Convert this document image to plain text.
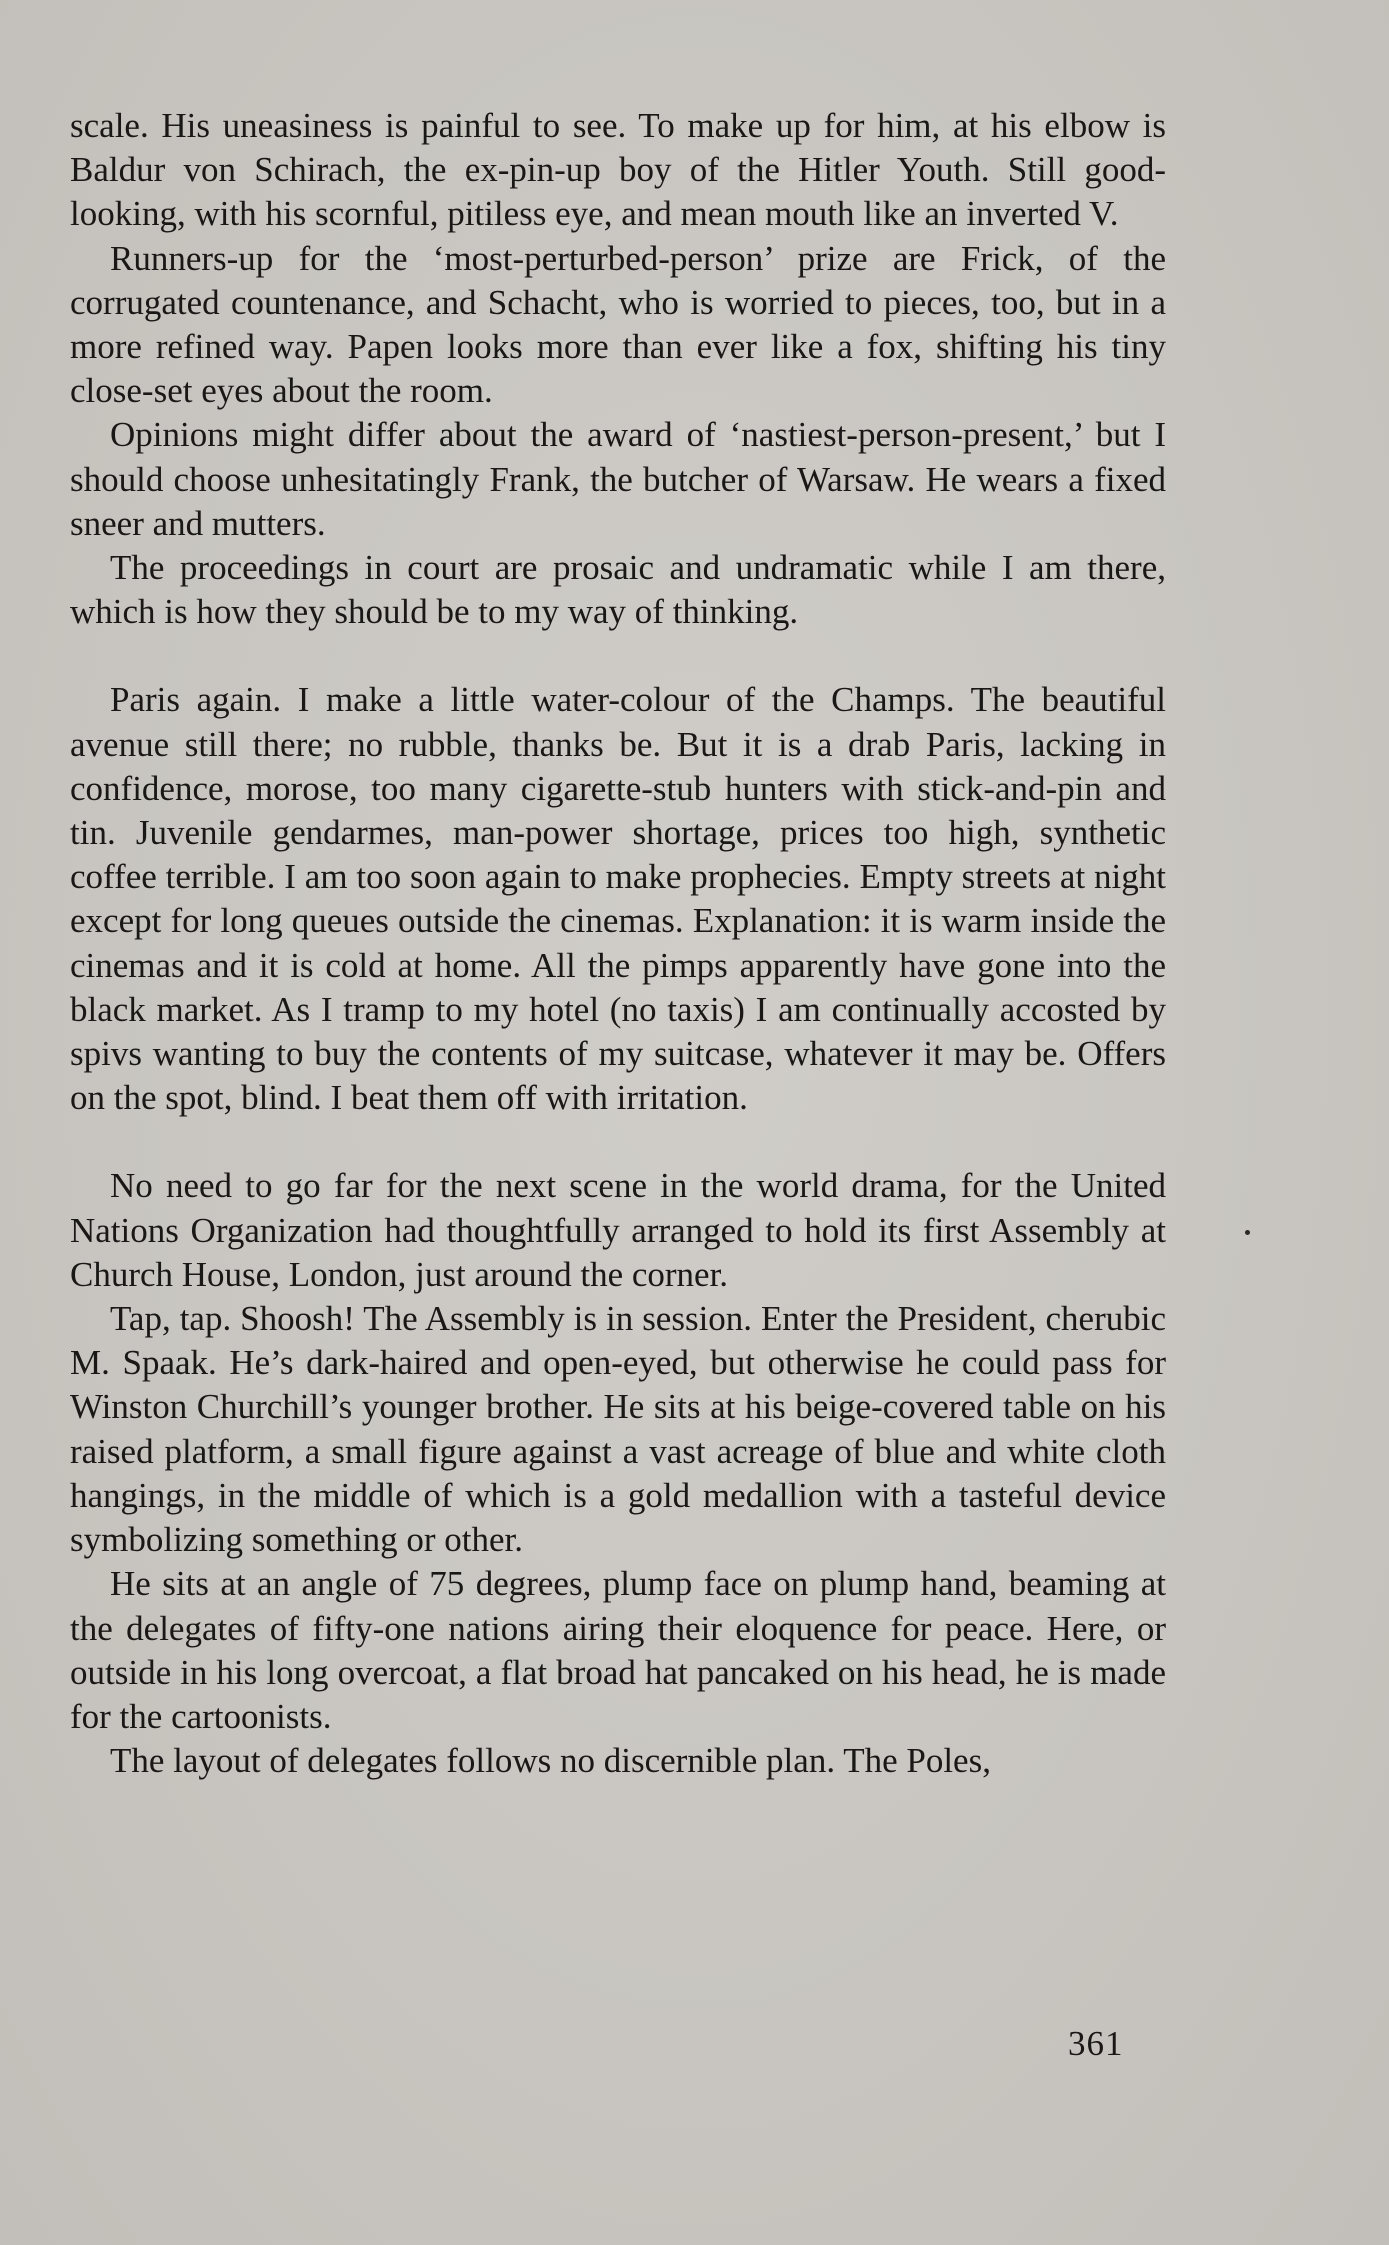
scale. His uneasiness is painful to see. To make up for him, at his elbow is Baldur von Schirach, the ex-pin-up boy of the Hitler Youth. Still good-looking, with his scornful, pitiless eye, and mean mouth like an inverted V.

Runners-up for the ‘most-perturbed-person’ prize are Frick, of the corrugated countenance, and Schacht, who is worried to pieces, too, but in a more refined way. Papen looks more than ever like a fox, shifting his tiny close-set eyes about the room.

Opinions might differ about the award of ‘nastiest-person-present,’ but I should choose unhesitatingly Frank, the butcher of Warsaw. He wears a fixed sneer and mutters.

The proceedings in court are prosaic and undramatic while I am there, which is how they should be to my way of thinking.

Paris again. I make a little water-colour of the Champs. The beautiful avenue still there; no rubble, thanks be. But it is a drab Paris, lacking in confidence, morose, too many cigarette-stub hunters with stick-and-pin and tin. Juvenile gendarmes, man-power shortage, prices too high, synthetic coffee terrible. I am too soon again to make prophecies. Empty streets at night except for long queues outside the cinemas. Explanation: it is warm inside the cinemas and it is cold at home. All the pimps apparently have gone into the black market. As I tramp to my hotel (no taxis) I am continually accosted by spivs wanting to buy the contents of my suitcase, whatever it may be. Offers on the spot, blind. I beat them off with irritation.

No need to go far for the next scene in the world drama, for the United Nations Organization had thoughtfully arranged to hold its first Assembly at Church House, London, just around the corner.

Tap, tap. Shoosh! The Assembly is in session. Enter the President, cherubic M. Spaak. He’s dark-haired and open-eyed, but otherwise he could pass for Winston Churchill’s younger brother. He sits at his beige-covered table on his raised platform, a small figure against a vast acreage of blue and white cloth hangings, in the middle of which is a gold medallion with a tasteful device symbolizing something or other.

He sits at an angle of 75 degrees, plump face on plump hand, beaming at the delegates of fifty-one nations airing their eloquence for peace. Here, or outside in his long overcoat, a flat broad hat pancaked on his head, he is made for the cartoonists.

The layout of delegates follows no discernible plan. The Poles,

361
